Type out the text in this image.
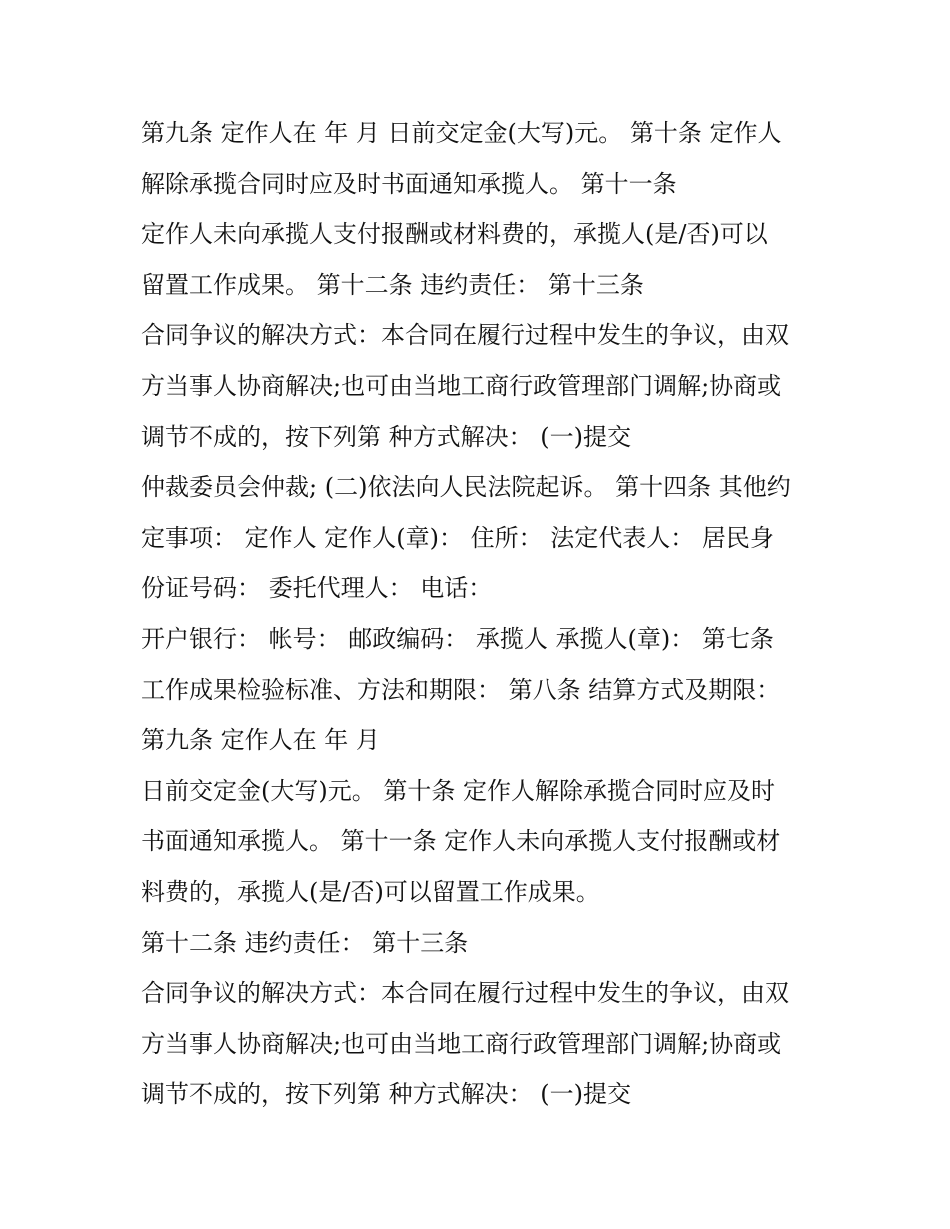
第九条 定作人在 年 月 日前交定金(大写)元。 第十条 定作人
解除承揽合同时应及时书面通知承揽人。 第十一条
定作人未向承揽人支付报酬或材料费的，承揽人(是/否)可以
留置工作成果。 第十二条 违约责任： 第十三条
合同争议的解决方式：本合同在履行过程中发生的争议，由双
方当事人协商解决;也可由当地工商行政管理部门调解;协商或
调节不成的，按下列第 种方式解决： (一)提交
仲裁委员会仲裁; (二)依法向人民法院起诉。 第十四条 其他约
定事项： 定作人 定作人(章)： 住所： 法定代表人： 居民身
份证号码： 委托代理人： 电话：
开户银行： 帐号： 邮政编码： 承揽人 承揽人(章)： 第七条
工作成果检验标准、方法和期限： 第八条 结算方式及期限：
第九条 定作人在 年 月
日前交定金(大写)元。 第十条 定作人解除承揽合同时应及时
书面通知承揽人。 第十一条 定作人未向承揽人支付报酬或材
料费的，承揽人(是/否)可以留置工作成果。
第十二条 违约责任： 第十三条
合同争议的解决方式：本合同在履行过程中发生的争议，由双
方当事人协商解决;也可由当地工商行政管理部门调解;协商或
调节不成的，按下列第 种方式解决： (一)提交
